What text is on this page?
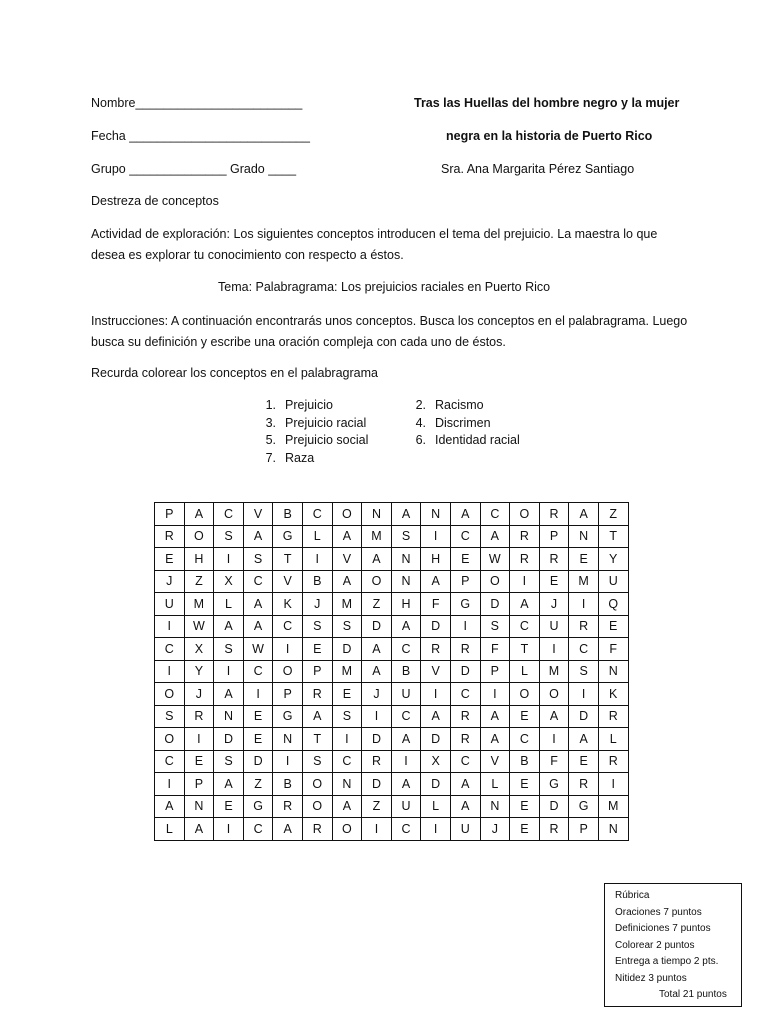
Nombre________________________	Tras las Huellas del hombre negro y la mujer
Fecha __________________________	negra en la historia de Puerto Rico
Grupo ______________ Grado ____	Sra. Ana Margarita Pérez Santiago
Destreza de conceptos
Actividad de exploración: Los siguientes conceptos introducen el tema del prejuicio. La maestra lo que desea es explorar tu conocimiento con respecto a éstos.
Tema: Palabragrama: Los prejuicios raciales en Puerto Rico
Instrucciones: A continuación encontrarás unos conceptos. Busca los conceptos en el palabragrama. Luego busca su definición y escribe una oración compleja con cada uno de éstos.
Recurda colorear los conceptos en el palabragrama
1. Prejuicio
3. Prejuicio racial
5. Prejuicio social
7. Raza
2. Racismo
4. Discrimen
6. Identidad racial
P	A	C	V	B	C	O	N	A	N	A	C	O	R	A	Z
R	O	S	A	G	L	A	M	S	I	C	A	R	P	N	T
E	H	I	S	T	I	V	A	N	H	E	W	R	R	E	Y
J	Z	X	C	V	B	A	O	N	A	P	O	I	E	M	U
U	M	L	A	K	J	M	Z	H	F	G	D	A	J	I	Q
I	W	A	A	C	S	S	D	A	D	I	S	C	U	R	E
C	X	S	W	I	E	D	A	C	R	R	F	T	I	C	F
I	Y	I	C	O	P	M	A	B	V	D	P	L	M	S	N
O	J	A	I	P	R	E	J	U	I	C	I	O	O	I	K
S	R	N	E	G	A	S	I	C	A	R	A	E	A	D	R
O	I	D	E	N	T	I	D	A	D	R	A	C	I	A	L
C	E	S	D	I	S	C	R	I	X	C	V	B	F	E	R
I	P	A	Z	B	O	N	D	A	D	A	L	E	G	R	I
A	N	E	G	R	O	A	Z	U	L	A	N	E	D	G	M
L	A	I	C	A	R	O	I	C	I	U	J	E	R	P	N
Rúbrica
Oraciones 7 puntos
Definiciones 7 puntos
Colorear 2 puntos
Entrega a tiempo 2 pts.
Nitidez 3 puntos
Total 21 puntos
